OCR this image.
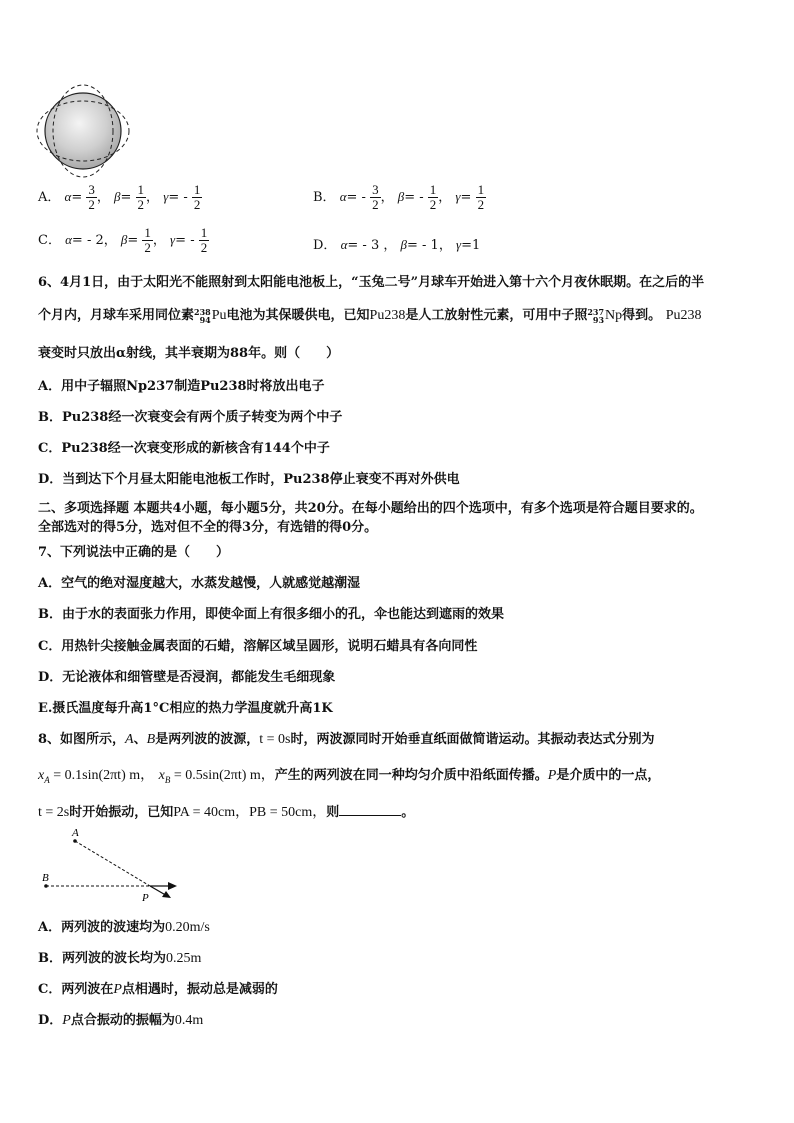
A． $\alpha= \frac{3}{2}$ ， $\beta= \frac{1}{2}$ ， $\gamma= - \frac{1}{2}$	B． $\alpha= - \frac{3}{2}$ ， $\beta= - \frac{1}{2}$ ， $\gamma= \frac{1}{2}$
C． α= - 2， $\beta= \frac{1}{2}$ ， $\gamma= - \frac{1}{2}$	D． α= - 3 ， β= - 1， γ=1
6、4月1日，由于太阳光不能照射到太阳能电池板上，“玉兔二号”月球车开始进入第十六个月夜休眠期。在之后的半
个月内，月球车采用同位素 238
94 Pu电池为其保暖供电，已知Pu238是人工放射性元素，可用中子照 237
93 Np得到。 Pu238
衰变时只放出α射线，其半衰期为88年。则（　　）
A．用中子辐照Np237制造Pu238时将放出电子
B．Pu238经一次衰变会有两个质子转变为两个中子
C．Pu238经一次衰变形成的新核含有144个中子
D．当到达下个月昼太阳能电池板工作时，Pu238停止衰变不再对外供电
二、多项选择题 本题共4小题，每小题5分，共20分。在每小题给出的四个选项中，有多个选项是符合题目要求的。
全部选对的得5分，选对但不全的得3分，有选错的得0分。
7、下列说法中正确的是（　　）
A．空气的绝对湿度越大，水蒸发越慢，人就感觉越潮湿
B．由于水的表面张力作用，即使伞面上有很多细小的孔，伞也能达到遮雨的效果
C．用热针尖接触金属表面的石蜡，溶解区域呈圆形，说明石蜡具有各向同性
D．无论液体和细管壁是否浸润，都能发生毛细现象
E.摄氏温度每升高1°C相应的热力学温度就升高1K
8、如图所示，A、B是两列波的波源，t = 0s时，两波源同时开始垂直纸面做简谐运动。其振动表达式分别为
$x_A = 0.1\sin(2\pi t)$ m， $x_B = 0.5\sin(2\pi t)$ m，产生的两列波在同一种均匀介质中沿纸面传播。P是介质中的一点，
t = 2s时开始振动，已知PA = 40cm，PB = 50cm，则	。
A
B
P
A．两列波的波速均为0.20m/s
B．两列波的波长均为0.25m
C．两列波在P点相遇时，振动总是减弱的
D．P点合振动的振幅为0.4m
